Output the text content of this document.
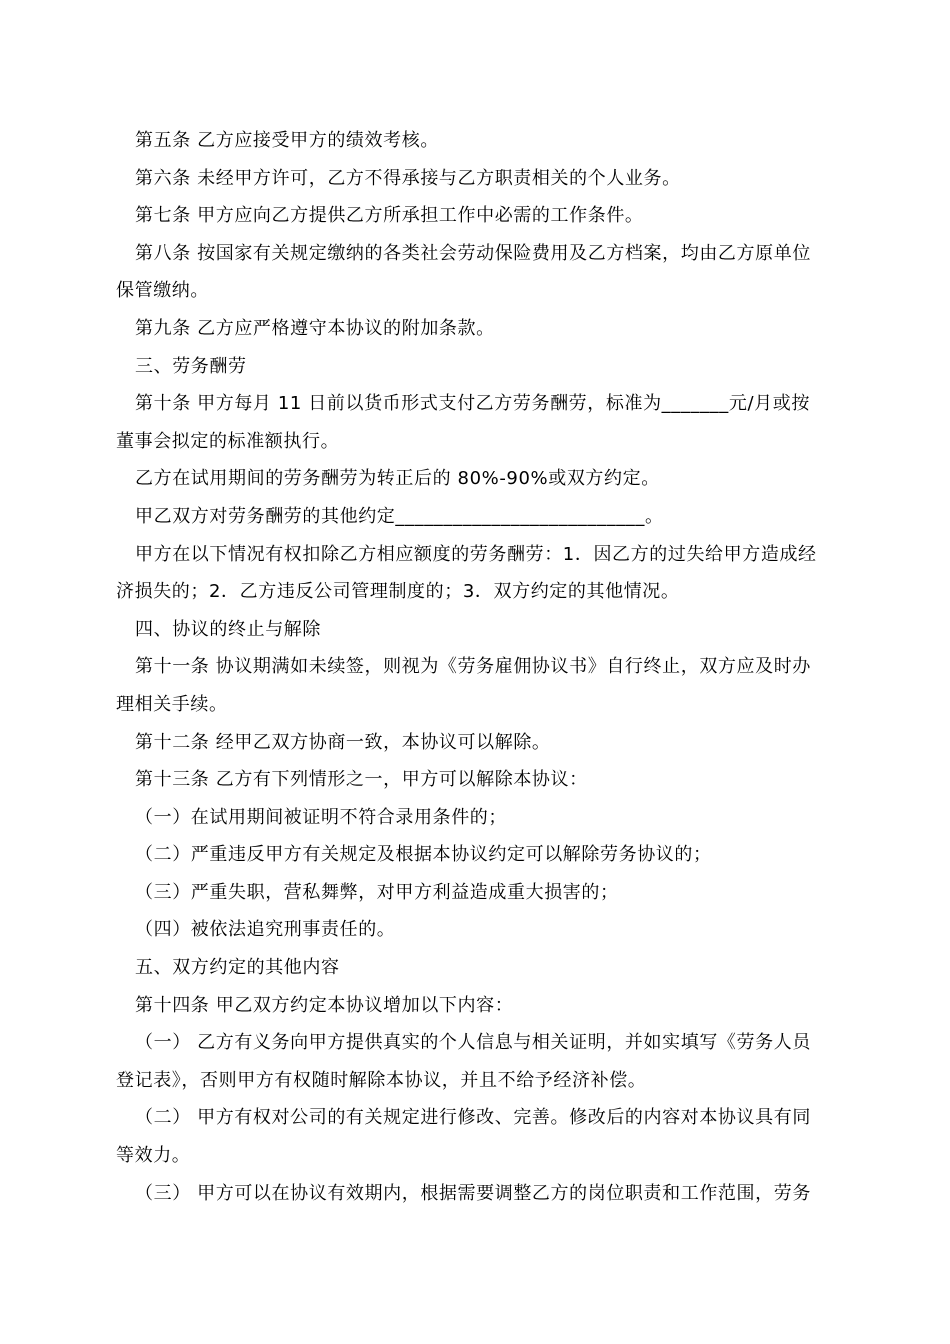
第五条 乙方应接受甲方的绩效考核。
第六条 未经甲方许可，乙方不得承接与乙方职责相关的个人业务。
第七条 甲方应向乙方提供乙方所承担工作中必需的工作条件。
第八条 按国家有关规定缴纳的各类社会劳动保险费用及乙方档案，均由乙方原单位
保管缴纳。
第九条 乙方应严格遵守本协议的附加条款。
三、劳务酬劳
第十条 甲方每月 11 日前以货币形式支付乙方劳务酬劳，标准为_______元/月或按
董事会拟定的标准额执行。
乙方在试用期间的劳务酬劳为转正后的 80%-90%或双方约定。
甲乙双方对劳务酬劳的其他约定__________________________。
甲方在以下情况有权扣除乙方相应额度的劳务酬劳：1．因乙方的过失给甲方造成经
济损失的；2．乙方违反公司管理制度的；3．双方约定的其他情况。
四、协议的终止与解除
第十一条 协议期满如未续签，则视为《劳务雇佣协议书》自行终止，双方应及时办
理相关手续。
第十二条 经甲乙双方协商一致，本协议可以解除。
第十三条 乙方有下列情形之一，甲方可以解除本协议：
（一）在试用期间被证明不符合录用条件的；
（二）严重违反甲方有关规定及根据本协议约定可以解除劳务协议的；
（三）严重失职，营私舞弊，对甲方利益造成重大损害的；
（四）被依法追究刑事责任的。
五、双方约定的其他内容
第十四条 甲乙双方约定本协议增加以下内容：
（一） 乙方有义务向甲方提供真实的个人信息与相关证明，并如实填写《劳务人员
登记表》，否则甲方有权随时解除本协议，并且不给予经济补偿。
（二） 甲方有权对公司的有关规定进行修改、完善。修改后的内容对本协议具有同
等效力。
（三） 甲方可以在协议有效期内，根据需要调整乙方的岗位职责和工作范围，劳务
